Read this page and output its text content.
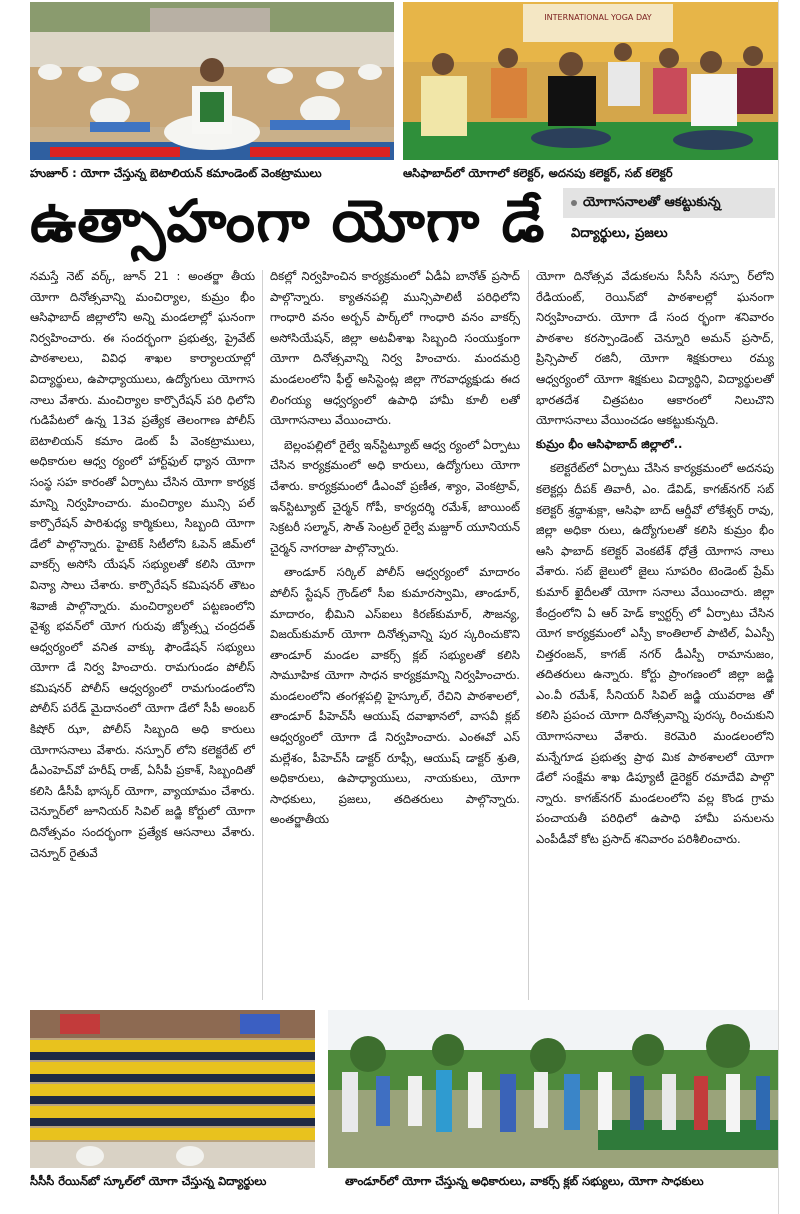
హుజూర్‌ : యోగా చేస్తున్న బెటాలియన్‌ కమాండెంట్‌ వెంకట్రాములు
INTERNATIONAL YOGA DAY
ఆసిఫాబాద్‌లో యోగాలో కలెక్టర్‌, అదనపు కలెక్టర్‌, సబ్‌ కలెక్టర్‌
ఉత్సాహంగా యోగా డే	యోగాసనాలతో ఆకట్టుకున్న
విద్యార్థులు, ప్రజలు

నమస్తే నెట్‌ వర్క్‌, జూన్‌ 21 : అంతర్జా తీయ యోగా దినోత్సవాన్ని మంచిర్యాల, కుమ్రం భీం ఆసిఫాబాద్‌ జిల్లాలోని అన్ని మండలాల్లో ఘనంగా నిర్వహించారు. ఈ సందర్భంగా ప్రభుత్వ, ప్రైవేట్‌ పాఠశాలలు, వివిధ శాఖల కార్యాలయాల్లో విద్యార్థులు, ఉపాధ్యాయులు, ఉద్యోగులు యోగాస నాలు వేశారు. మంచిర్యాల కార్పొరేషన్‌ పరి ధిలోని గుడిపేటలో ఉన్న 13వ ప్రత్యేక తెలంగాణ పోలీస్‌ బెటాలియన్‌ కమాం డెంట్‌ పీ వెంకట్రాములు, అధికారుల ఆధ్వ ర్యంలో హార్ట్‌ఫుల్‌ ధ్యాన యోగా సంస్థ సహ కారంతో ఏర్పాటు చేసిన యోగా కార్యక్ర మాన్ని నిర్వహించారు. మంచిర్యాల మున్సి పల్‌ కార్పొరేషన్‌ పారిశుధ్య కార్మికులు, సిబ్బంది యోగా డేలో పాల్గొన్నారు. హైటెక్‌ సిటీలోని ఓపెన్‌ జిమ్‌లో వాకర్స్‌ అసోసి యేషన్‌ సభ్యులతో కలిసి యోగా విన్యా సాలు చేశారు. కార్పొరేషన్‌ కమిషనర్‌ తౌటం శివాజీ పాల్గొన్నారు. మంచిర్యాలలో పట్టణంలోని వైశ్య భవన్‌లో యోగ గురువు జ్యోత్స్న చంద్రదత్‌ ఆధ్వర్యంలో వనిత వాక్కు ఫౌండేషన్‌ సభ్యులు యోగా డే నిర్వ హించారు. రామగుండం పోలీస్‌ కమిషనర్‌ పోలీస్‌ ఆధ్వర్యంలో రామగుండంలోని పోలీస్‌ పరేడ్‌ మైదానంలో యోగా డేలో సీపీ అంబర్‌ కిషోర్‌ ఝా, పోలీస్‌ సిబ్బంది అధి కారులు యోగాసనాలు వేశారు. నస్పూర్‌ లోని కలెక్టరేట్‌ లో డీఎంహెచ్‌వో హరీష్‌ రాజ్‌, ఏసీపీ ప్రకాశ్‌, సిబ్బందితో కలిసి డీసీపీ భాస్కర్‌ యోగా, వ్యాయామం చేశారు. చెన్నూర్‌లో జూనియర్‌ సివిల్‌ జడ్జి కోర్టులో యోగా దినోత్సవం సందర్భంగా ప్రత్యేక ఆసనాలు వేశారు. చెన్నూర్‌ రైతువే

దికల్లో నిర్వహించిన కార్యక్రమంలో ఏడీఏ బానోత్‌ ప్రసాద్‌ పాల్గొన్నారు. క్యాతనపల్లి మున్సిపాలిటీ పరిధిలోని గాంధారి వనం అర్బన్‌ పార్క్‌లో గాంధారి వనం వాకర్స్‌ అసోసియేషన్‌, జిల్లా అటవీశాఖ సిబ్బంది సంయుక్తంగా యోగా దినోత్సవాన్ని నిర్వ హించారు. మందమర్రి మండలంలోని ఫీల్డ్‌ అసిస్టెంట్ల జిల్లా గౌరవాధ్యక్షుడు ఈద లింగయ్య ఆధ్వర్యంలో ఉపాధి హామీ కూలీ లతో యోగాసనాలు వేయించారు.

బెల్లంపల్లిలో రైల్వే ఇన్‌స్టిట్యూట్‌ ఆధ్వ ర్యంలో ఏర్పాటు చేసిన కార్యక్రమంలో అధి కారులు, ఉద్యోగులు యోగా చేశారు. కార్యక్రమంలో డీఎంవో ప్రణీత, శ్యాం, వెంకట్రావ్‌, ఇన్‌స్టిట్యూట్‌ చైర్మన్‌ గోపీ, కార్యదర్శి రమేశ్‌, జాయింట్‌ సెక్రటరీ సల్మాన్‌, సౌత్‌ సెంట్రల్‌ రైల్వే మజ్దూర్‌ యూనియన్‌ చైర్మన్‌ నాగరాజు పాల్గొన్నారు.

తాండూర్‌ సర్కిల్‌ పోలీస్‌ ఆధ్వర్యంలో మాదారం పోలీస్‌ స్టేషన్‌ గ్రౌండ్‌లో సీఐ కుమారస్వామి, తాండూర్‌, మాదారం, భీమిని ఎస్‌ఐలు కిరణ్‌కుమార్‌, సౌజన్య, విజయ్‌కుమార్‌ యోగా దినోత్సవాన్ని పుర స్కరించుకొని తాండూర్‌ మండల వాకర్స్‌ క్లబ్‌ సభ్యులతో కలిసి సామూహిక యోగా సాధన కార్యక్రమాన్ని నిర్వహించారు. మండలంలోని తంగళ్లపల్లి హైస్కూల్‌, రేచిని పాఠశాలలో, తాండూర్‌ పీహెచ్‌సీ ఆయుష్‌ దవాఖానలో, వాసవీ క్లబ్‌ ఆధ్వర్యంలో యోగా డే నిర్వహించారు. ఎంఈవో ఎస్‌ మల్లేశం, పీహెచ్‌సీ డాక్టర్‌ రూఫ్సీ, ఆయుష్‌ డాక్టర్‌ శ్రుతి, అధికారులు, ఉపాధ్యాయులు, నాయకులు, యోగా సాధకులు, ప్రజలు, తదితరులు పాల్గొన్నారు. అంతర్జాతీయ

యోగా దినోత్సవ వేడుకలను సీసీసీ నస్పూ ర్‌లోని రేడియంట్‌, రెయిన్‌బో పాఠశాలల్లో ఘనంగా నిర్వహించారు. యోగా డే సంద ర్భంగా శనివారం పాఠశాల కరస్పాండెంట్‌ చెన్నూరి అమన్‌ ప్రసాద్‌, ప్రిన్సిపాల్‌ రజినీ, యోగా శిక్షకురాలు రమ్య ఆధ్వర్యంలో యోగా శిక్షకులు విద్యార్థిని, విద్యార్థులతో భారతదేశ చిత్రపటం ఆకారంలో నిలుచొని యోగాసనాలు వేయించడం ఆకట్టుకున్నది.

కుమ్రం భీం ఆసిఫాబాద్‌ జిల్లాలో..

కలెక్టరేట్‌లో ఏర్పాటు చేసిన కార్యక్రమంలో అదనపు కలెక్టర్లు దీపక్‌ తివారీ, ఎం. డేవిడ్‌, కాగజ్‌నగర్‌ సబ్‌ కలెక్టర్‌ శ్రద్ధాశుక్లా, ఆసిఫా బాద్‌ ఆర్డీవో లోకేశ్వర్‌ రావు, జిల్లా అధికా రులు, ఉద్యోగులతో కలిసి కుమ్రం భీం ఆసి ఫాబాద్‌ కలెక్టర్‌ వెంకటేశ్‌ ధోత్రే యోగాస నాలు వేశారు. సబ్‌ జైలులో జైలు సూపరిం టెండెంట్‌ ప్రేమ్‌ కుమార్‌ ఖైదీలతో యోగా సనాలు వేయించారు. జిల్లా కేంద్రంలోని ఏ ఆర్‌ హెడ్‌ క్వార్టర్స్‌ లో ఏర్పాటు చేసిన యోగ కార్యక్రమంలో ఎస్పీ కాంతిలాల్‌ పాటిల్‌, ఏఎస్పీ చిత్తరంజన్‌, కాగజ్‌ నగర్‌ డీఎస్పీ రామానుజం, తదితరులు ఉన్నారు. కోర్టు ప్రాంగణంలో జిల్లా జడ్జి ఎం.వీ రమేశ్‌, సీనియర్‌ సివిల్‌ జడ్జి యువరాజ తో కలిసి ప్రపంచ యోగా దినోత్సవాన్ని పురస్క రించుకుని యోగాసనాలు వేశారు. కెరమెరి మండలంలోని మన్నేగూడ ప్రభుత్వ ప్రాథ మిక పాఠశాలలో యోగా డేలో సంక్షేమ శాఖ డిప్యూటీ డైరెక్టర్‌ రమాదేవి పాల్గొ న్నారు. కాగజ్‌నగర్‌ మండలంలోని వల్ల కొండ గ్రామ పంచాయతీ పరిధిలో ఉపాధి హామీ పనులను ఎంపీడీవో కోట ప్రసాద్‌ శనివారం పరిశీలించారు.

సీసీసీ రేయిన్‌బో స్కూల్‌లో యోగా చేస్తున్న విద్యార్థులు	తాండూర్‌లో యోగా చేస్తున్న అధికారులు, వాకర్స్‌ క్లబ్‌ సభ్యులు, యోగా సాధకులు
